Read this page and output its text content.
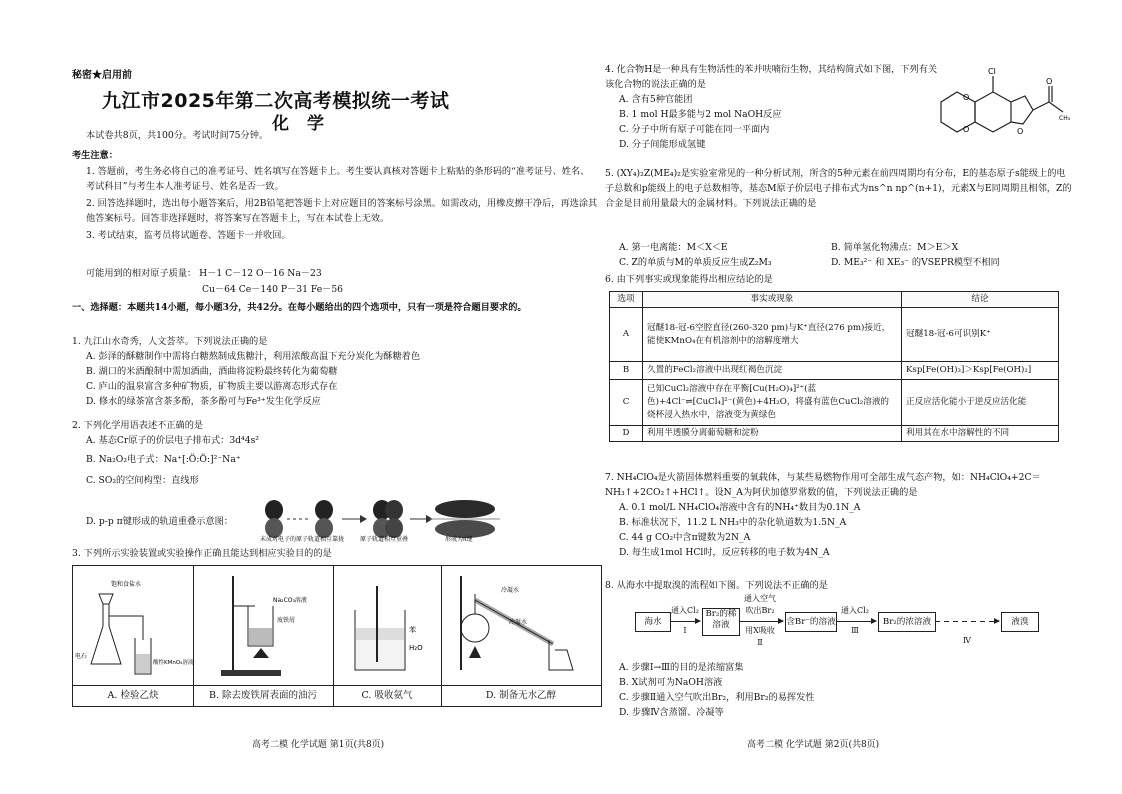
秘密★启用前
九江市2025年第二次高考模拟统一考试
化学
本试卷共8页，共100分。考试时间75分钟。
考生注意：
1. 答题前，考生务必将自己的准考证号、姓名填写在答题卡上。考生要认真核对答题卡上粘贴的条形码的“准考证号、姓名、考试科目”与考生本人准考证号、姓名是否一致。
2. 回答选择题时，选出每小题答案后，用2B铅笔把答题卡上对应题目的答案标号涂黑。如需改动，用橡皮擦干净后，再选涂其他答案标号。回答非选择题时，将答案写在答题卡上，写在本试卷上无效。
3. 考试结束，监考员将试题卷、答题卡一并收回。
可能用到的相对原子质量： H－1 C－12 O－16 Na－23
Cu－64 Ce－140 P－31 Fe－56
一、选择题：本题共14小题，每小题3分，共42分。在每小题给出的四个选项中，只有一项是符合题目要求的。
1. 九江山水奇秀，人文荟萃。下列说法正确的是
A. 彭泽的酥糖制作中需将白糖熬制成焦糖汁，利用浓酸高温下充分炭化为酥糖着色
B. 湖口的米酒酿制中需加酒曲，酒曲将淀粉最终转化为葡萄糖
C. 庐山的温泉富含多种矿物质，矿物质主要以游离态形式存在
D. 修水的绿茶富含茶多酚，茶多酚可与Fe³⁺发生化学反应
2. 下列化学用语表述不正确的是
A. 基态Cr原子的价层电子排布式：3d⁴4s²
B. Na₂O₂电子式：Na⁺[:Ö:Ö:]²⁻Na⁺
C. SO₂的空间构型：直线形
D. p-p π键形成的轨道重叠示意图：
未成对电子的原子轨道相互靠拢	原子轨道相互重叠	形成为π键
3. 下列所示实验装置或实验操作正确且能达到相应实验目的的是
饱和食盐水
电石
酸性KMnO₄溶液
A. 检验乙炔
Na₂CO₃溶液
废铁屑
B. 除去废铁屑表面的油污
苯
H₂O
C. 吸收氨气
冷凝水
冷凝水
D. 制备无水乙醇
高考二模 化学试题 第1页(共8页)
4. 化合物H是一种具有生物活性的苯并呋喃衍生物，其结构简式如下图，下列有关该化合物的说法正确的是
A. 含有5种官能团
B. 1 mol H最多能与2 mol NaOH反应
C. 分子中所有原子可能在同一平面内
D. 分子间能形成氢键
Cl
O
O
O
O
CH₃
5. (XY₄)₂Z(ME₄)₂是实验室常见的一种分析试剂，所含的5种元素在前四周期均有分布，E的基态原子s能级上的电子总数和p能级上的电子总数相等，基态M原子价层电子排布式为ns^n np^(n+1)，元素X与E同周期且相邻，Z的合金是目前用量最大的金属材料。下列说法正确的是
A. 第一电离能：M＜X＜E	B. 简单氢化物沸点：M＞E＞X
C. Z的单质与M的单质反应生成Z₂M₃	D. ME₃²⁻ 和 XE₃⁻ 的VSEPR模型不相同
6. 由下列事实或现象能得出相应结论的是
选项	事实或现象	结论
A	冠醚18-冠-6空腔直径(260-320 pm)与K⁺直径(276 pm)接近，能使KMnO₄在有机溶剂中的溶解度增大	冠醚18-冠-6可识别K⁺
B	久置的FeCl₂溶液中出现红褐色沉淀	Ksp[Fe(OH)₃]＞Ksp[Fe(OH)₂]
C	已知CuCl₂溶液中存在平衡[Cu(H₂O)₄]²⁺(蓝色)+4Cl⁻⇌[CuCl₄]²⁻(黄色)+4H₂O，将盛有蓝色CuCl₂溶液的烧杯浸入热水中，溶液变为黄绿色	正反应活化能小于逆反应活化能
D	利用半透膜分离葡萄糖和淀粉	利用其在水中溶解性的不同
7. NH₄ClO₄是火箭固体燃料重要的氧载体，与某些易燃物作用可全部生成气态产物，如：NH₄ClO₄+2C＝NH₃↑+2CO₂↑+HCl↑。设N_A为阿伏加德罗常数的值，下列说法正确的是
A. 0.1 mol/L NH₄ClO₄溶液中含有的NH₄⁺数目为0.1N_A
B. 标准状况下，11.2 L NH₃中的杂化轨道数为1.5N_A
C. 44 g CO₂中含π键数为2N_A
D. 每生成1mol HCl时，反应转移的电子数为4N_A
8. 从海水中提取溴的流程如下图。下列说法不正确的是
海水
通入Cl₂
Ⅰ
Br₂的稀溶液
通入空气
吹出Br₂
用X吸收
Ⅱ
含Br⁻的溶液
通入Cl₂
Ⅲ
Br₂的浓溶液
Ⅳ
液溴
A. 步骤Ⅰ→Ⅲ的目的是浓缩富集
B. X试剂可为NaOH溶液
C. 步骤Ⅱ通入空气吹出Br₂，利用Br₂的易挥发性
D. 步骤Ⅳ含蒸馏、冷凝等
高考二模 化学试题 第2页(共8页)
